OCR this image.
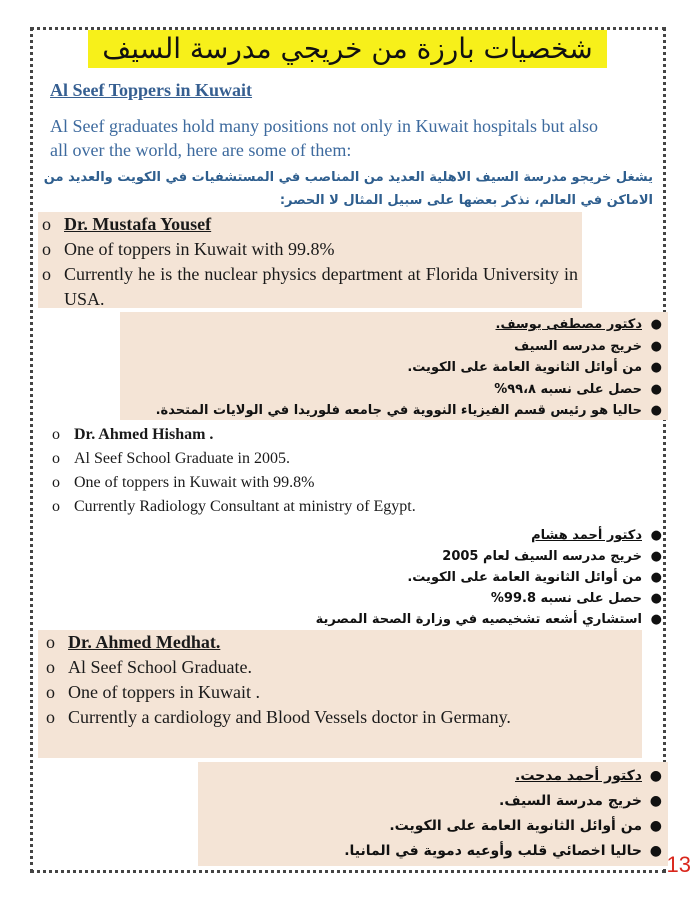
شخصيات بارزة من خريجي مدرسة السيف
Al Seef Toppers in Kuwait
Al Seef graduates hold many positions not only in Kuwait hospitals but also all over the world, here are some of them:
يشغل خريجو مدرسة السيف الاهلية العديد من المناصب في المستشفيات في الكويت والعديد من الاماكن في العالم، نذكر بعضها على سبيل المثال لا الحصر:
o Dr. Mustafa Yousef
o One of toppers in Kuwait with 99.8%
o Currently he is the nuclear physics department at Florida University in USA.
●
دكتور مصطفى يوسف.
●
خريج مدرسه السيف
●
من أوائل الثانوية العامة على الكويت.
●
حصل على نسبه ٩٩،٨%
●
حاليا هو رئيس قسم الفيزياء النووية في جامعه فلوريدا في الولايات المتحدة.
o Dr. Ahmed Hisham .
o Al Seef School Graduate in 2005.
o One of toppers in Kuwait with 99.8%
o Currently Radiology Consultant at ministry of Egypt.
●
دكتور أحمد هشام
●
خريج مدرسه السيف لعام 2005
●
من أوائل الثانوية العامة على الكويت.
●
حصل على نسبه 99.8%
●
استشاري أشعه تشخيصيه في وزارة الصحة المصرية
o Dr. Ahmed Medhat.
o Al Seef School Graduate.
o One of toppers in Kuwait .
o Currently a cardiology and Blood Vessels doctor in Germany.
●
دكتور أحمد مدحت.
●
خريج مدرسة السيف.
●
من أوائل الثانوية العامة على الكويت.
●
حاليا اخصائي قلب وأوعيه دموية في المانيا.
13
